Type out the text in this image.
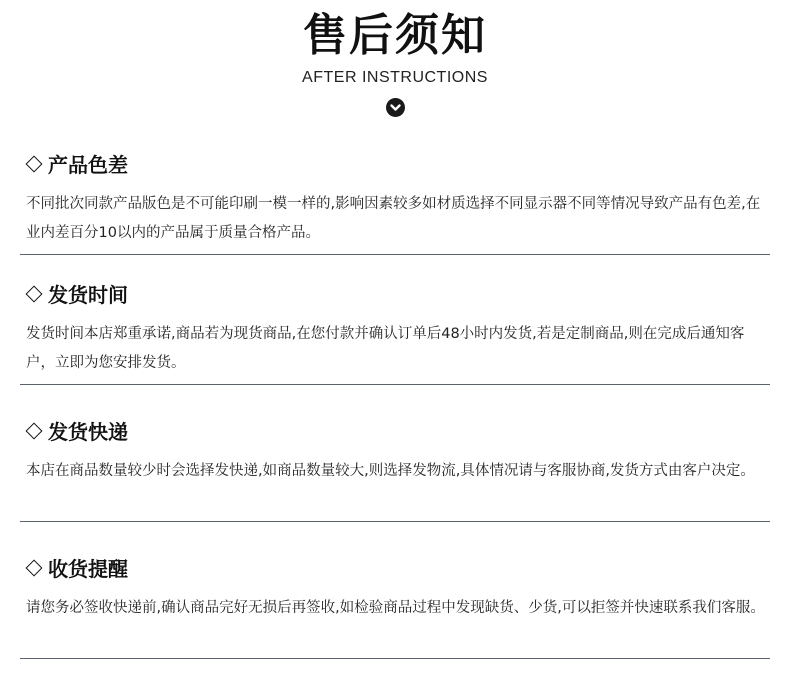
售后须知
AFTER INSTRUCTIONS
产品色差
不同批次同款产品版色是不可能印刷一模一样的,影响因素较多如材质选择不同显示器不同等情况导致产品有色差,在业内差百分10以内的产品属于质量合格产品。
发货时间
发货时间本店郑重承诺,商品若为现货商品,在您付款并确认订单后48小时内发货,若是定制商品,则在完成后通知客户，立即为您安排发货。
发货快递
本店在商品数量较少时会选择发快递,如商品数量较大,则选择发物流,具体情况请与客服协商,发货方式由客户决定。
收货提醒
请您务必签收快递前,确认商品完好无损后再签收,如检验商品过程中发现缺货、少货,可以拒签并快速联系我们客服。
